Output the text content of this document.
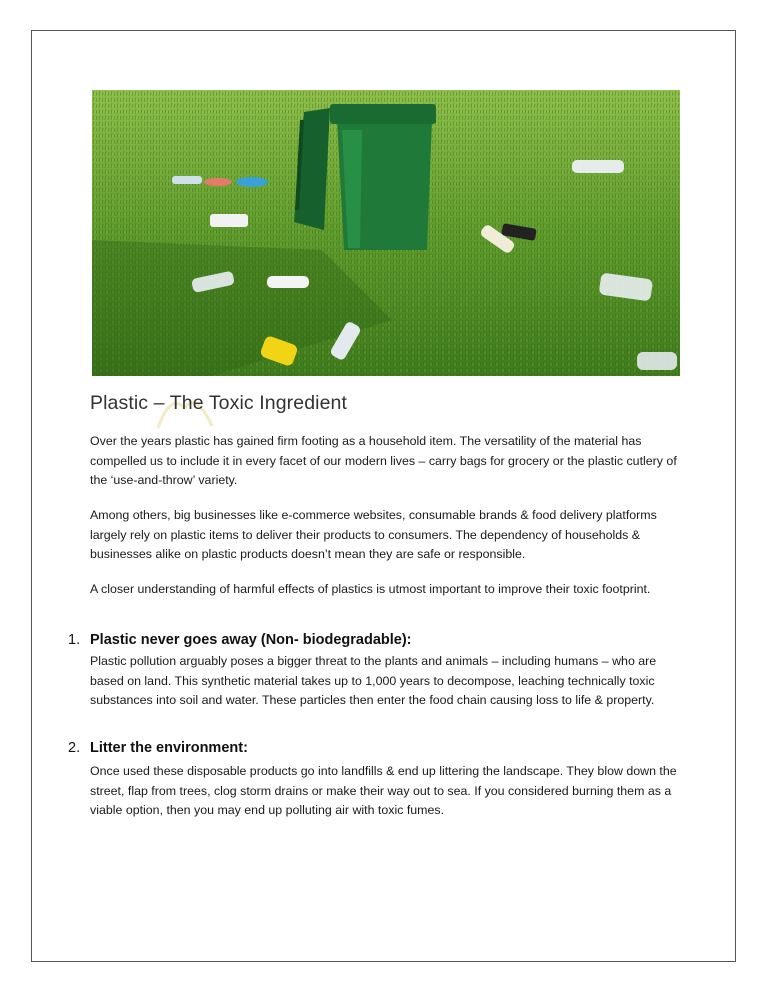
Plastic – The Toxic Ingredient

Over the years plastic has gained firm footing as a household item. The versatility of the material has compelled us to include it in every facet of our modern lives – carry bags for grocery or the plastic cutlery of the ‘use-and-throw’ variety.

Among others, big businesses like e-commerce websites, consumable brands & food delivery platforms largely rely on plastic items to deliver their products to consumers. The dependency of households & businesses alike on plastic products doesn’t mean they are safe or responsible.

A closer understanding of harmful effects of plastics is utmost important to improve their toxic footprint.

1. Plastic never goes away (Non- biodegradable):

Plastic pollution arguably poses a bigger threat to the plants and animals – including humans – who are based on land. This synthetic material takes up to 1,000 years to decompose, leaching technically toxic substances into soil and water. These particles then enter the food chain causing loss to life & property.

2. Litter the environment:

Once used these disposable products go into landfills & end up littering the landscape. They blow down the street, flap from trees, clog storm drains or make their way out to sea. If you considered burning them as a viable option, then you may end up polluting air with toxic fumes.
